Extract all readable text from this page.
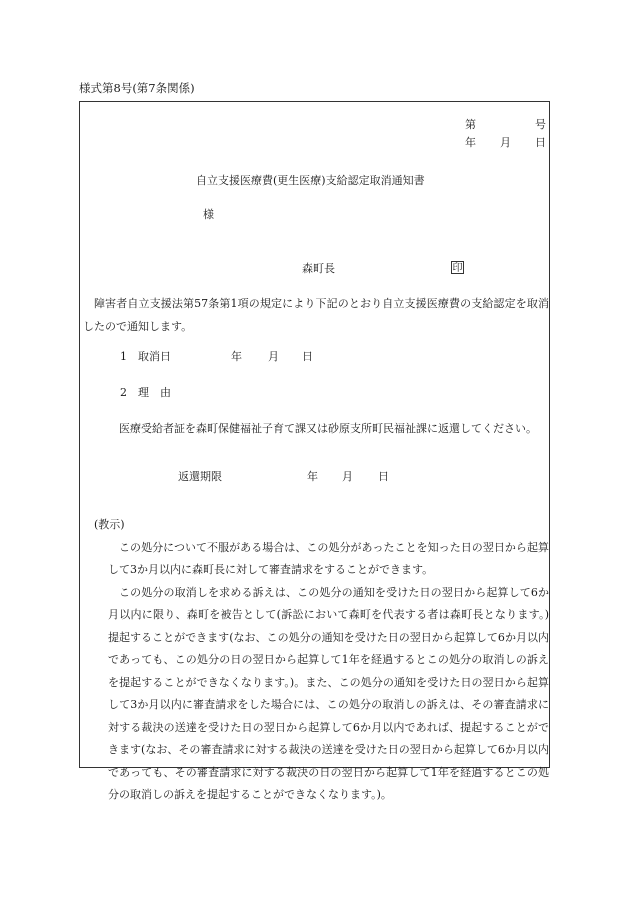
様式第8号(第7条関係)
第	号
年 月 日
自立支援医療費(更生医療)支給認定取消通知書
様
森町長	印
障害者自立支援法第57条第1項の規定により下記のとおり自立支援医療費の支給認定を取消したので通知します。
1　取消日	年 月 日
2　理　由
医療受給者証を森町保健福祉子育て課又は砂原支所町民福祉課に返還してください。
返還期限	年 月 日

(教示)

この処分について不服がある場合は、この処分があったことを知った日の翌日から起算して3か月以内に森町長に対して審査請求をすることができます。

この処分の取消しを求める訴えは、この処分の通知を受けた日の翌日から起算して6か月以内に限り、森町を被告として(訴訟において森町を代表する者は森町長となります。)提起することができます(なお、この処分の通知を受けた日の翌日から起算して6か月以内であっても、この処分の日の翌日から起算して1年を経過するとこの処分の取消しの訴えを提起することができなくなります。)。また、この処分の通知を受けた日の翌日から起算して3か月以内に審査請求をした場合には、この処分の取消しの訴えは、その審査請求に対する裁決の送達を受けた日の翌日から起算して6か月以内であれば、提起することができます(なお、その審査請求に対する裁決の送達を受けた日の翌日から起算して6か月以内であっても、その審査請求に対する裁決の日の翌日から起算して1年を経過するとこの処分の取消しの訴えを提起することができなくなります。)。
